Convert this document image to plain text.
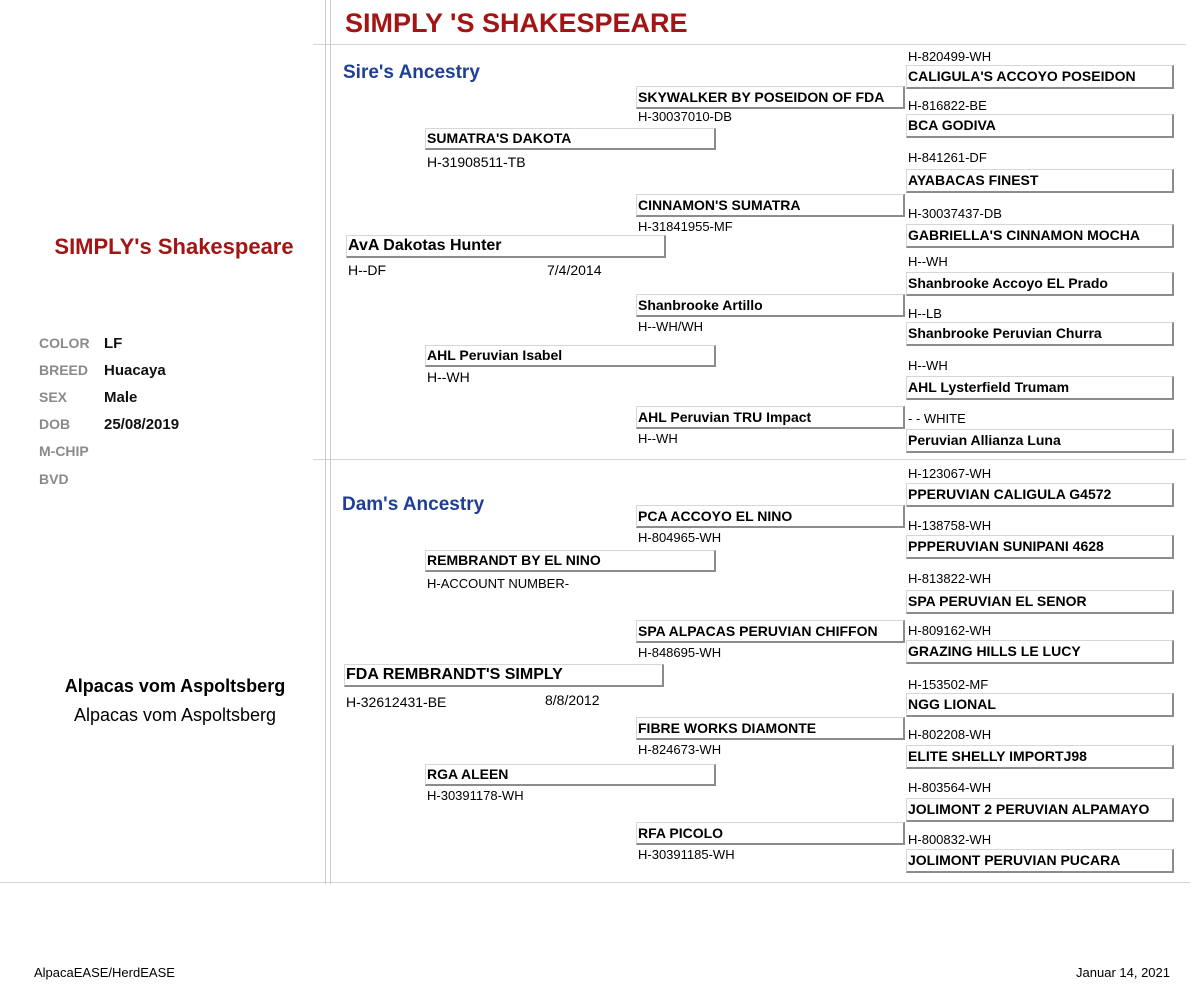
SIMPLY 'S SHAKESPEARE
SIMPLY's Shakespeare
COLOR LF
BREED Huacaya
SEX Male
DOB 25/08/2019
M-CHIP
BVD
Alpacas vom Aspoltsberg
Alpacas vom Aspoltsberg
Sire's Ancestry
AvA Dakotas Hunter
H--DF	7/4/2014
SUMATRA'S DAKOTA
H-31908511-TB
AHL Peruvian Isabel
H--WH
SKYWALKER BY POSEIDON OF FDA
H-30037010-DB
CINNAMON'S SUMATRA
H-31841955-MF
Shanbrooke Artillo
H--WH/WH
AHL Peruvian TRU Impact
H--WH
H-820499-WH
CALIGULA'S ACCOYO POSEIDON
H-816822-BE
BCA GODIVA
H-841261-DF
AYABACAS FINEST
H-30037437-DB
GABRIELLA'S CINNAMON MOCHA
H--WH
Shanbrooke Accoyo EL Prado
H--LB
Shanbrooke Peruvian Churra
H--WH
AHL Lysterfield Trumam
- - WHITE
Peruvian Allianza Luna
Dam's Ancestry
FDA REMBRANDT'S SIMPLY
H-32612431-BE	8/8/2012
REMBRANDT BY EL NINO
H-ACCOUNT NUMBER-
RGA ALEEN
H-30391178-WH
PCA ACCOYO EL NINO
H-804965-WH
SPA ALPACAS PERUVIAN CHIFFON
H-848695-WH
FIBRE WORKS DIAMONTE
H-824673-WH
RFA PICOLO
H-30391185-WH
H-123067-WH
PPERUVIAN CALIGULA G4572
H-138758-WH
PPPERUVIAN SUNIPANI 4628
H-813822-WH
SPA PERUVIAN EL SENOR
H-809162-WH
GRAZING HILLS LE LUCY
H-153502-MF
NGG LIONAL
H-802208-WH
ELITE SHELLY IMPORTJ98
H-803564-WH
JOLIMONT 2 PERUVIAN ALPAMAYO
H-800832-WH
JOLIMONT PERUVIAN PUCARA
AlpacaEASE/HerdEASE	Januar 14, 2021
